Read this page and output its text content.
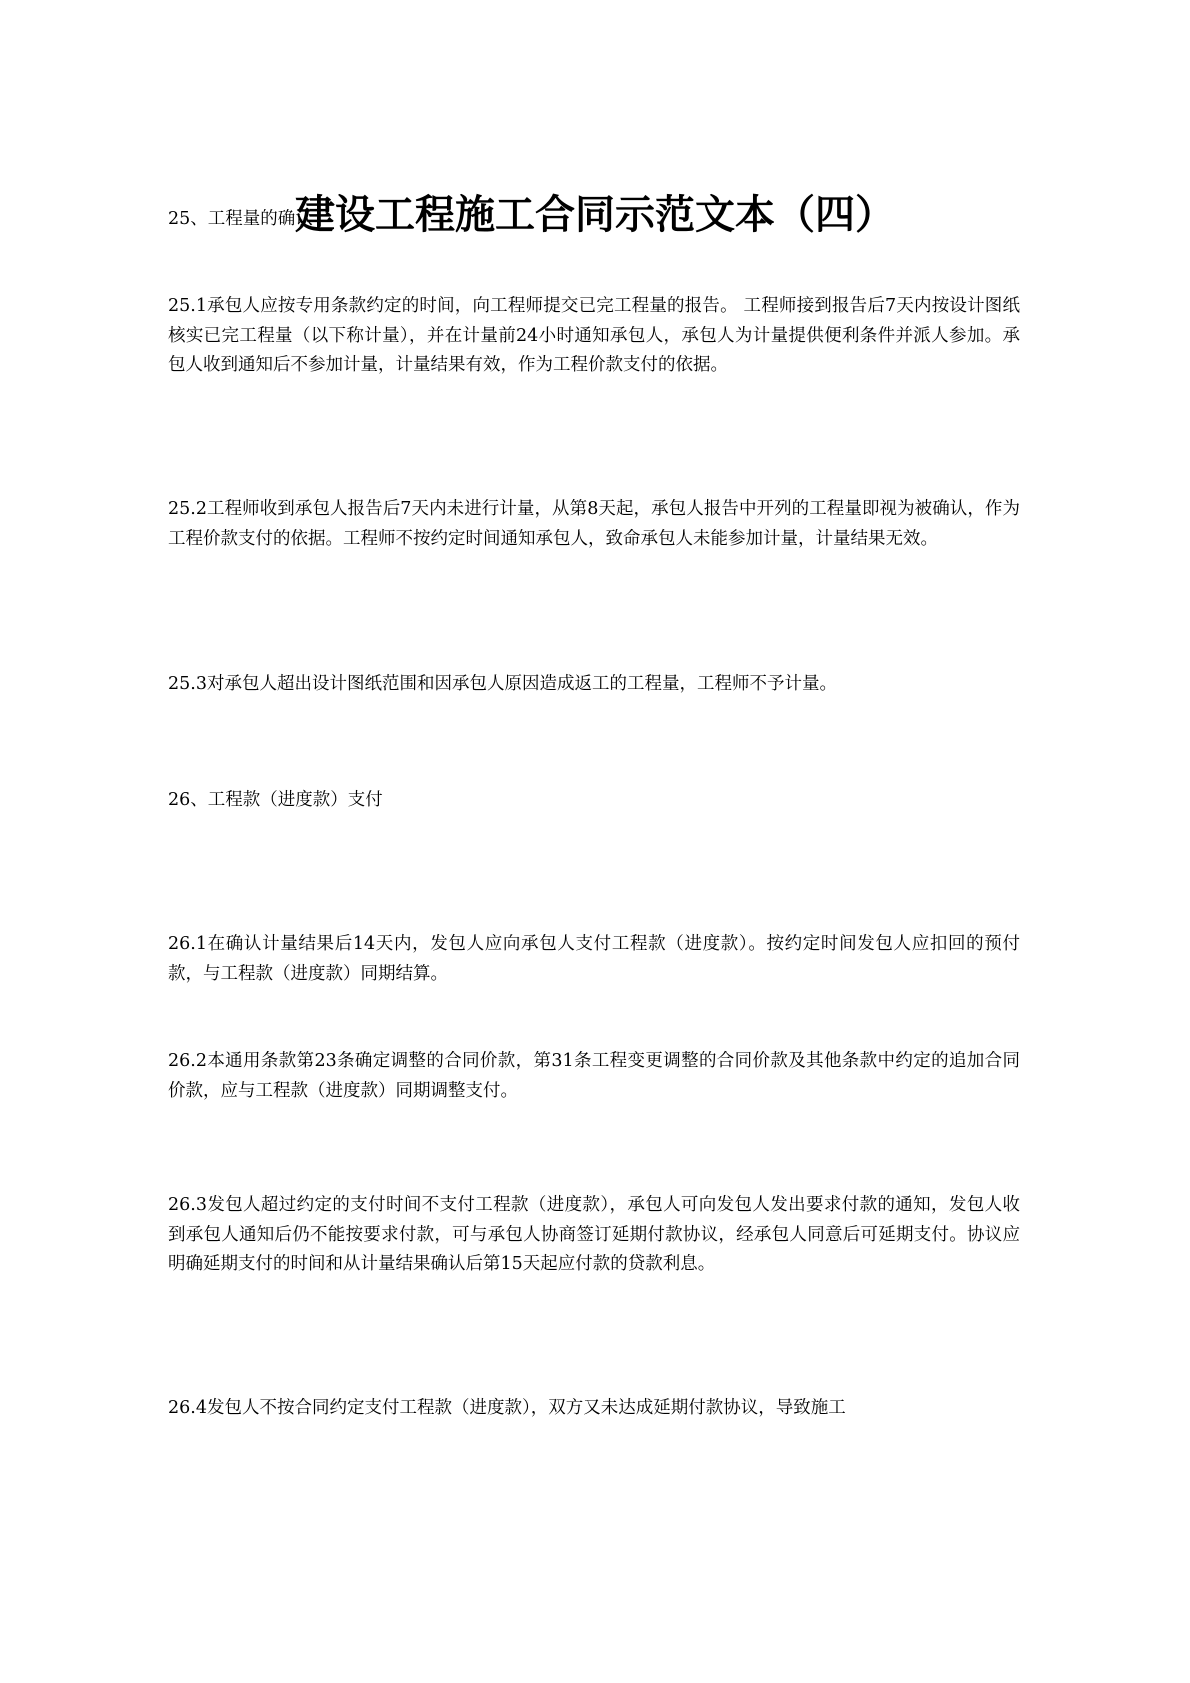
建设工程施工合同示范文本（四）
25、工程量的确认
25.1承包人应按专用条款约定的时间，向工程师提交已完工程量的报告。 工程师接到报告后7天内按设计图纸核实已完工程量（以下称计量），并在计量前24小时通知承包人，承包人为计量提供便利条件并派人参加。承包人收到通知后不参加计量，计量结果有效，作为工程价款支付的依据。
25.2工程师收到承包人报告后7天内未进行计量，从第8天起，承包人报告中开列的工程量即视为被确认，作为工程价款支付的依据。工程师不按约定时间通知承包人，致命承包人未能参加计量，计量结果无效。
25.3对承包人超出设计图纸范围和因承包人原因造成返工的工程量，工程师不予计量。
26、工程款（进度款）支付
26.1在确认计量结果后14天内，发包人应向承包人支付工程款（进度款）。按约定时间发包人应扣回的预付款，与工程款（进度款）同期结算。
26.2本通用条款第23条确定调整的合同价款，第31条工程变更调整的合同价款及其他条款中约定的追加合同价款，应与工程款（进度款）同期调整支付。
26.3发包人超过约定的支付时间不支付工程款（进度款），承包人可向发包人发出要求付款的通知，发包人收到承包人通知后仍不能按要求付款，可与承包人协商签订延期付款协议，经承包人同意后可延期支付。协议应明确延期支付的时间和从计量结果确认后第15天起应付款的贷款利息。
26.4发包人不按合同约定支付工程款（进度款），双方又未达成延期付款协议，导致施工
